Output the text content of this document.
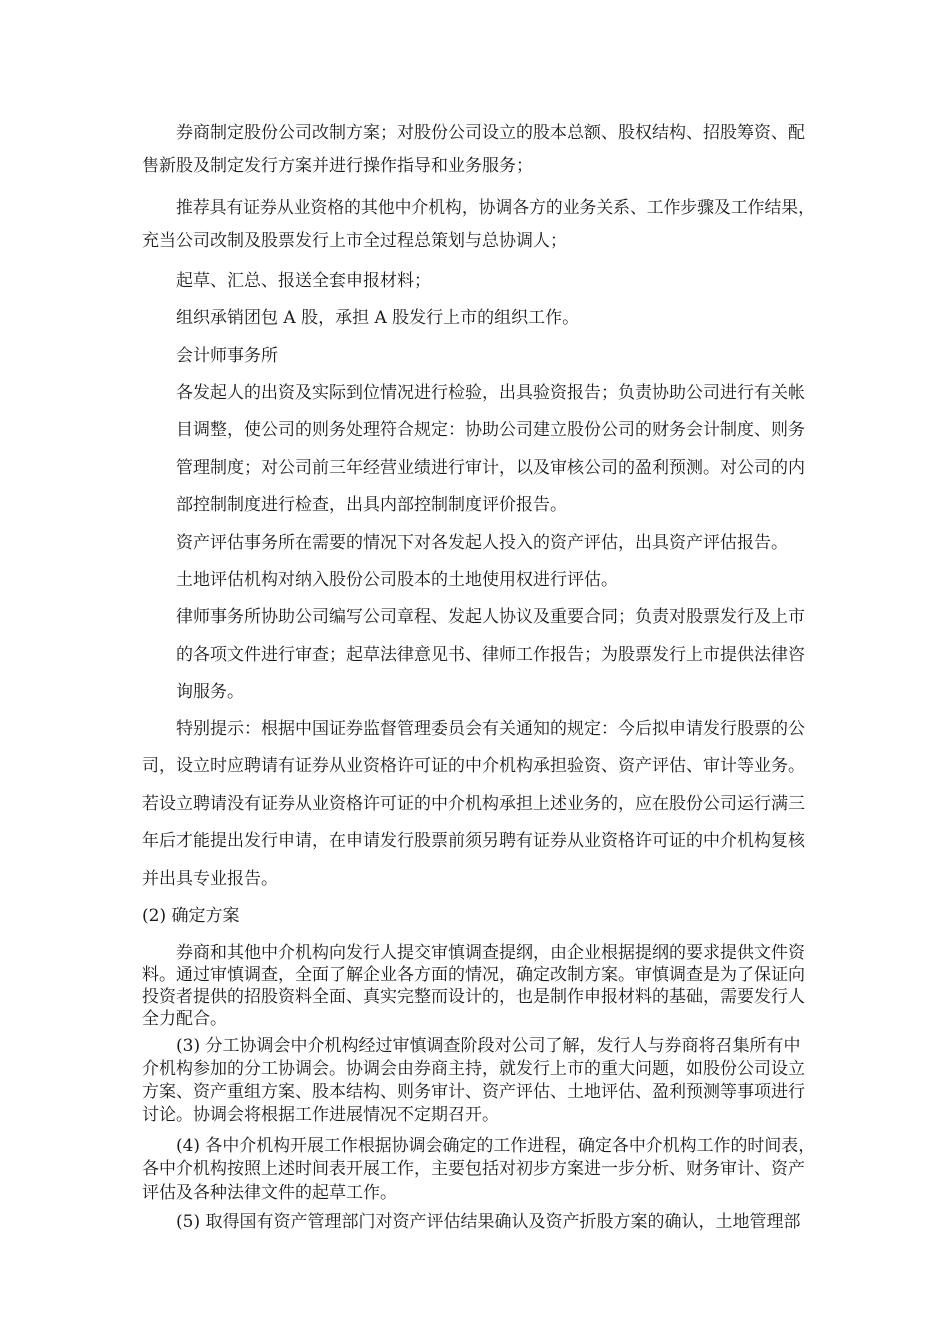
券商制定股份公司改制方案；对股份公司设立的股本总额、股权结构、招股筹资、配

售新股及制定发行方案并进行操作指导和业务服务；

推荐具有证券从业资格的其他中介机构，协调各方的业务关系、工作步骤及工作结果，

充当公司改制及股票发行上市全过程总策划与总协调人；

起草、汇总、报送全套申报材料；

组织承销团包 A 股，承担 A 股发行上市的组织工作。

会计师事务所

各发起人的出资及实际到位情况进行检验，出具验资报告；负责协助公司进行有关帐

目调整，使公司的则务处理符合规定：协助公司建立股份公司的财务会计制度、则务

管理制度；对公司前三年经营业绩进行审计，以及审核公司的盈利预测。对公司的内

部控制制度进行检查，出具内部控制制度评价报告。

资产评估事务所在需要的情况下对各发起人投入的资产评估，出具资产评估报告。

土地评估机构对纳入股份公司股本的土地使用权进行评估。

律师事务所协助公司编写公司章程、发起人协议及重要合同；负责对股票发行及上市

的各项文件进行审查；起草法律意见书、律师工作报告；为股票发行上市提供法律咨

询服务。

特别提示：根据中国证券监督管理委员会有关通知的规定：今后拟申请发行股票的公

司，设立时应聘请有证券从业资格许可证的中介机构承担验资、资产评估、审计等业务。

若设立聘请没有证券从业资格许可证的中介机构承担上述业务的，应在股份公司运行满三

年后才能提出发行申请，在申请发行股票前须另聘有证券从业资格许可证的中介机构复核

并出具专业报告。

(2) 确定方案

券商和其他中介机构向发行人提交审慎调查提纲，由企业根据提纲的要求提供文件资

料。通过审慎调查，全面了解企业各方面的情况，确定改制方案。审慎调查是为了保证向

投资者提供的招股资料全面、真实完整而设计的，也是制作申报材料的基础，需要发行人

全力配合。

(3) 分工协调会中介机构经过审慎调查阶段对公司了解，发行人与券商将召集所有中

介机构参加的分工协调会。协调会由券商主持，就发行上市的重大问题，如股份公司设立

方案、资产重组方案、股本结构、则务审计、资产评估、土地评估、盈利预测等事项进行

讨论。协调会将根据工作进展情况不定期召开。

(4) 各中介机构开展工作根据协调会确定的工作进程，确定各中介机构工作的时间表，

各中介机构按照上述时间表开展工作，主要包括对初步方案进一步分析、财务审计、资产

评估及各种法律文件的起草工作。

(5) 取得国有资产管理部门对资产评估结果确认及资产折股方案的确认，土地管理部
